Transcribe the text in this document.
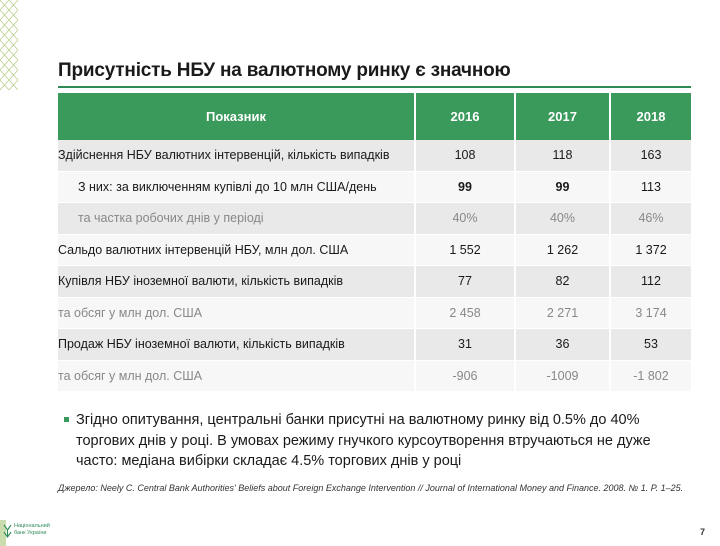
Присутність НБУ на валютному ринку є значною
Показник	2016	2017	2018
Здійснення НБУ валютних інтервенцій, кількість випадків	108	118	163
З них: за виключенням купівлі до 10 млн США/день	99	99	113
та частка робочих днів у періоді	40%	40%	46%
Сальдо валютних інтервенцій НБУ, млн дол. США	1 552	1 262	1 372
Купівля НБУ іноземної валюти, кількість випадків	77	82	112
та обсяг у млн дол. США	2 458	2 271	3 174
Продаж НБУ іноземної валюти, кількість випадків	31	36	53
та обсяг у млн дол. США	-906	-1009	-1 802
Згідно опитування, центральні банки присутні на валютному ринку від 0.5% до 40% торгових днів у році. В умовах режиму гнучкого курсоутворення втручаються не дуже часто: медіана вибірки складає 4.5% торгових днів у році
Джерело: Neely C. Central Bank Authorities' Beliefs about Foreign Exchange Intervention // Journal of International Money and Finance. 2008. № 1. P. 1–25.
Національний
банк України	7
